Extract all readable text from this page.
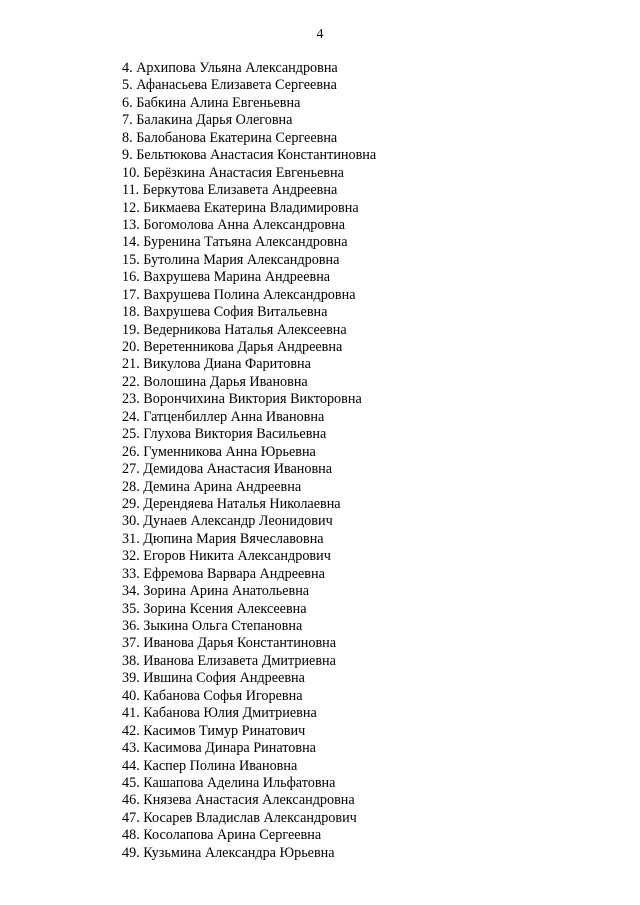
4
4. Архипова Ульяна Александровна
5. Афанасьева Елизавета Сергеевна
6. Бабкина Алина Евгеньевна
7. Балакина Дарья Олеговна
8. Балобанова Екатерина Сергеевна
9. Бельтюкова Анастасия Константиновна
10. Берёзкина Анастасия Евгеньевна
11. Беркутова Елизавета Андреевна
12. Бикмаева Екатерина Владимировна
13. Богомолова Анна Александровна
14. Буренина Татьяна Александровна
15. Бутолина Мария Александровна
16. Вахрушева Марина Андреевна
17. Вахрушева Полина Александровна
18. Вахрушева София Витальевна
19. Ведерникова Наталья Алексеевна
20. Веретенникова Дарья Андреевна
21. Викулова Диана Фаритовна
22. Волошина Дарья Ивановна
23. Ворончихина Виктория Викторовна
24. Гатценбиллер Анна Ивановна
25. Глухова Виктория Васильевна
26. Гуменникова Анна Юрьевна
27. Демидова Анастасия Ивановна
28. Демина Арина Андреевна
29. Дерендяева Наталья Николаевна
30. Дунаев Александр Леонидович
31. Дюпина Мария Вячеславовна
32. Егоров Никита Александрович
33. Ефремова Варвара Андреевна
34. Зорина Арина Анатольевна
35. Зорина Ксения Алексеевна
36. Зыкина Ольга Степановна
37. Иванова Дарья Константиновна
38. Иванова Елизавета Дмитриевна
39. Ившина София Андреевна
40. Кабанова Софья Игоревна
41. Кабанова Юлия Дмитриевна
42. Касимов Тимур Ринатович
43. Касимова Динара Ринатовна
44. Каспер Полина Ивановна
45. Кашапова Аделина Ильфатовна
46. Князева Анастасия Александровна
47. Косарев Владислав Александрович
48. Косолапова Арина Сергеевна
49. Кузьмина Александра Юрьевна
